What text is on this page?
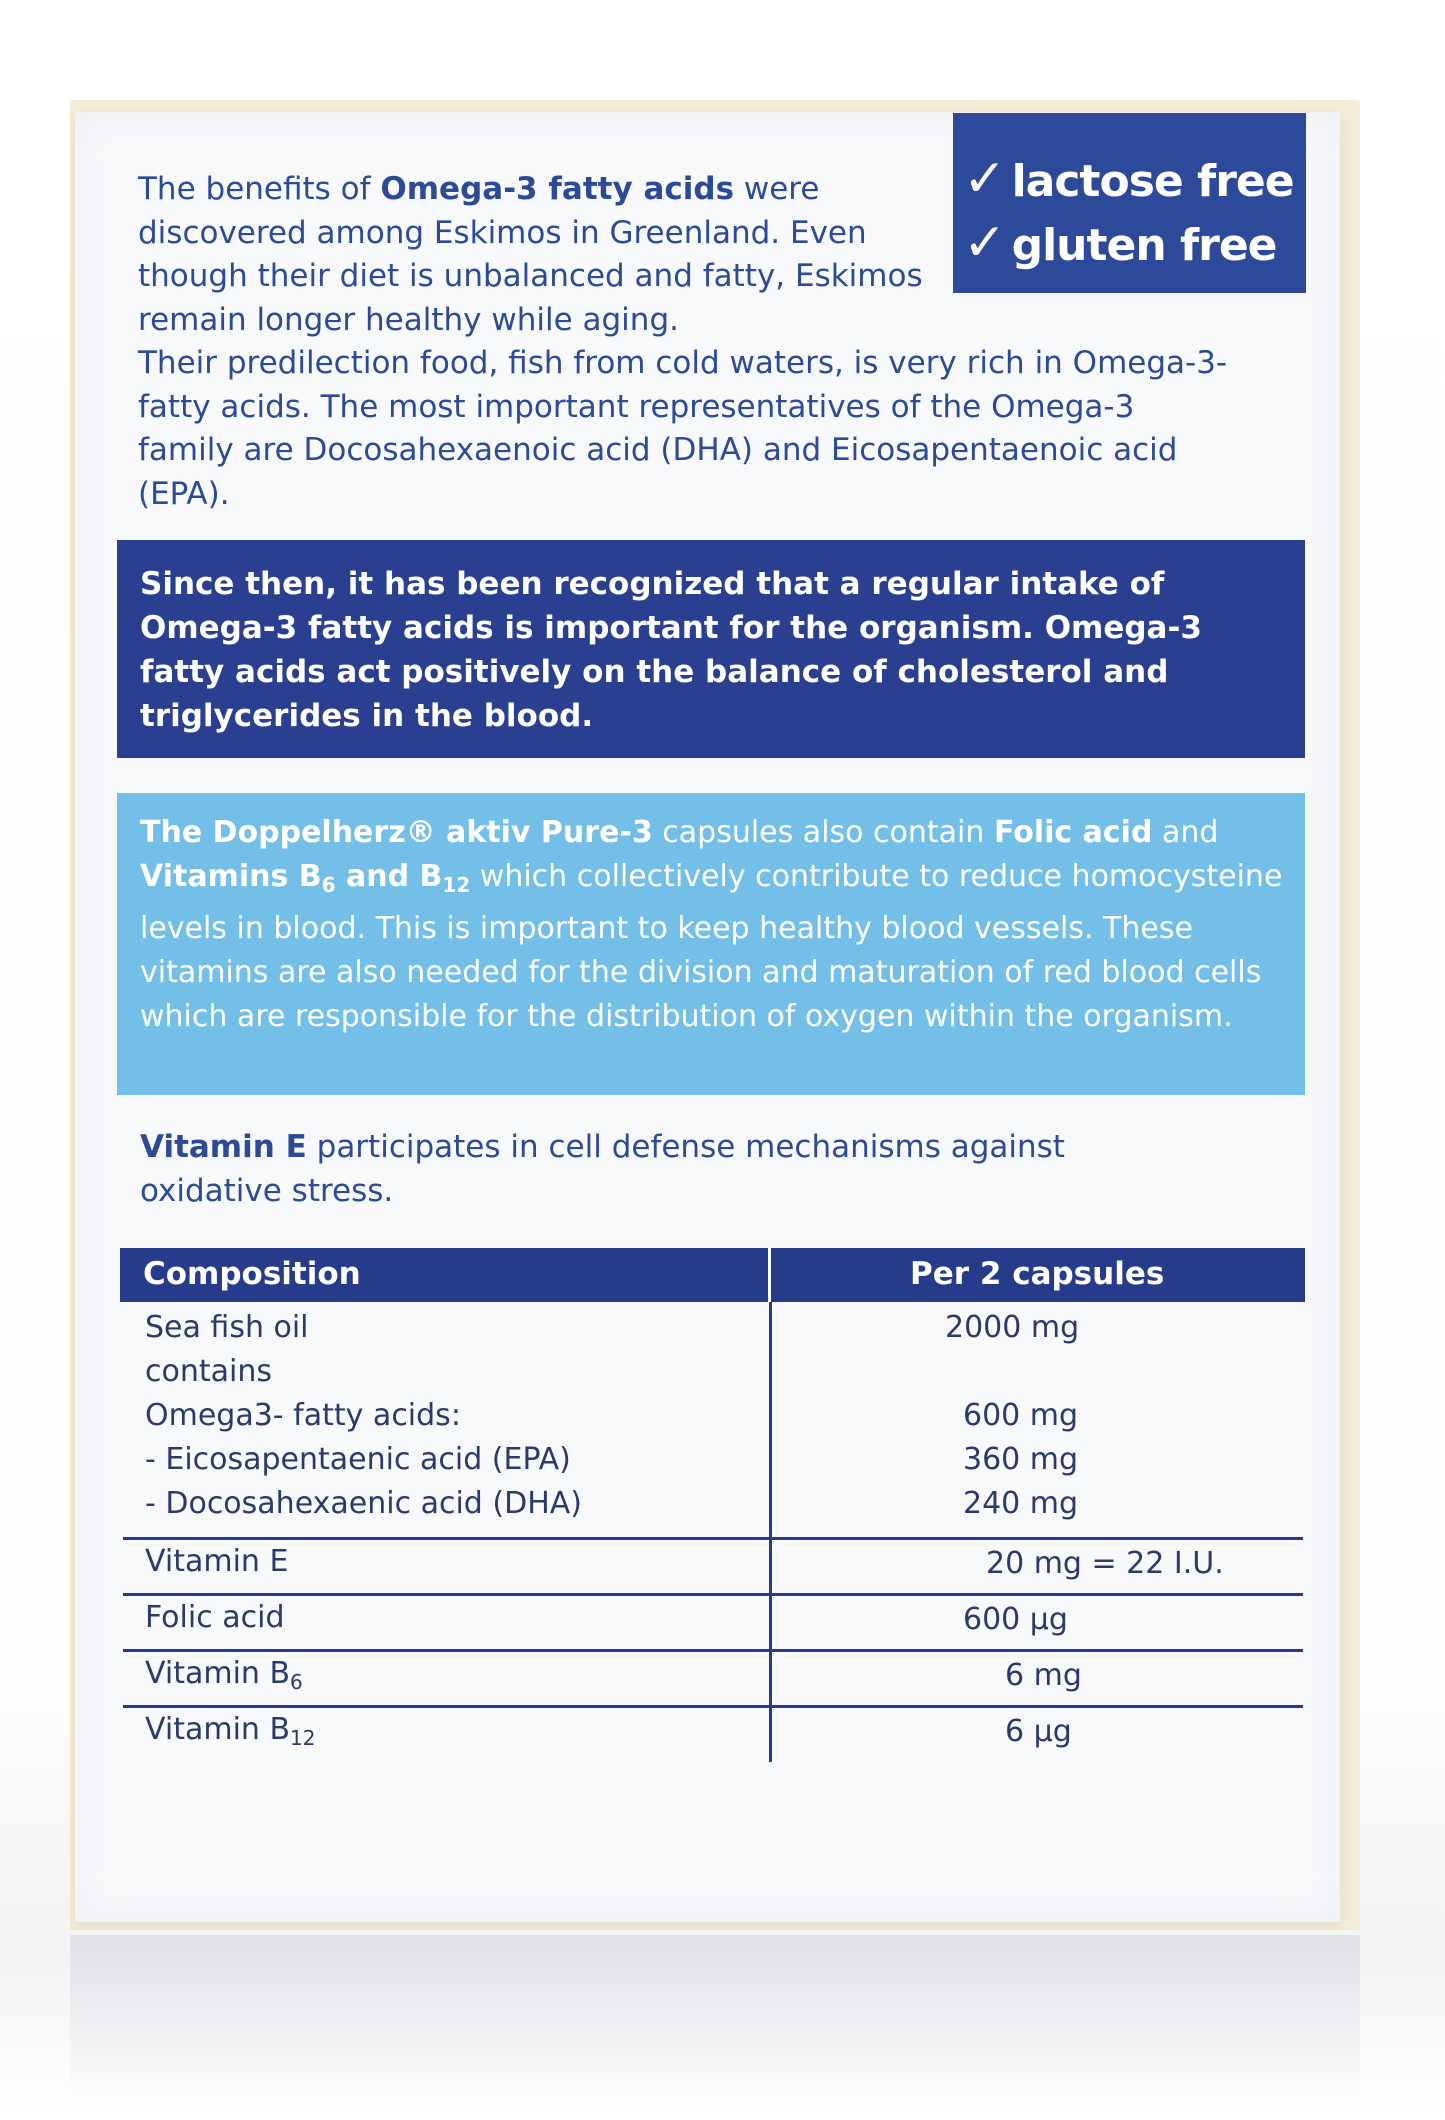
✓ lactose free
✓ gluten free
The benefits of Omega-3 fatty acids were discovered among Eskimos in Greenland. Even though their diet is unbalanced and fatty, Eskimos remain longer healthy while aging.
Their predilection food, fish from cold waters, is very rich in Omega-3-fatty acids. The most important representatives of the Omega-3 family are Docosahexaenoic acid (DHA) and Eicosapentaenoic acid (EPA).

Since then, it has been recognized that a regular intake of Omega-3 fatty acids is important for the organism. Omega-3 fatty acids act positively on the balance of cholesterol and triglycerides in the blood.

The Doppelherz® aktiv Pure-3 capsules also contain Folic acid and Vitamins $B_6$ and $B_{12}$ which collectively contribute to reduce homocysteine levels in blood. This is important to keep healthy blood vessels. These vitamins are also needed for the division and maturation of red blood cells which are responsible for the distribution of oxygen within the organism.

Vitamin E participates in cell defense mechanisms against oxidative stress.
Composition	Per 2 capsules
Sea fish oil	2000 mg
contains
Omega3- fatty acids:	600 mg
- Eicosapentaenic acid (EPA)	360 mg
- Docosahexaenic acid (DHA)	240 mg
Vitamin E	20 mg = 22 I.U.
Folic acid	600 µg
Vitamin $B_6$	6 mg
Vitamin $B_{12}$	6 µg
